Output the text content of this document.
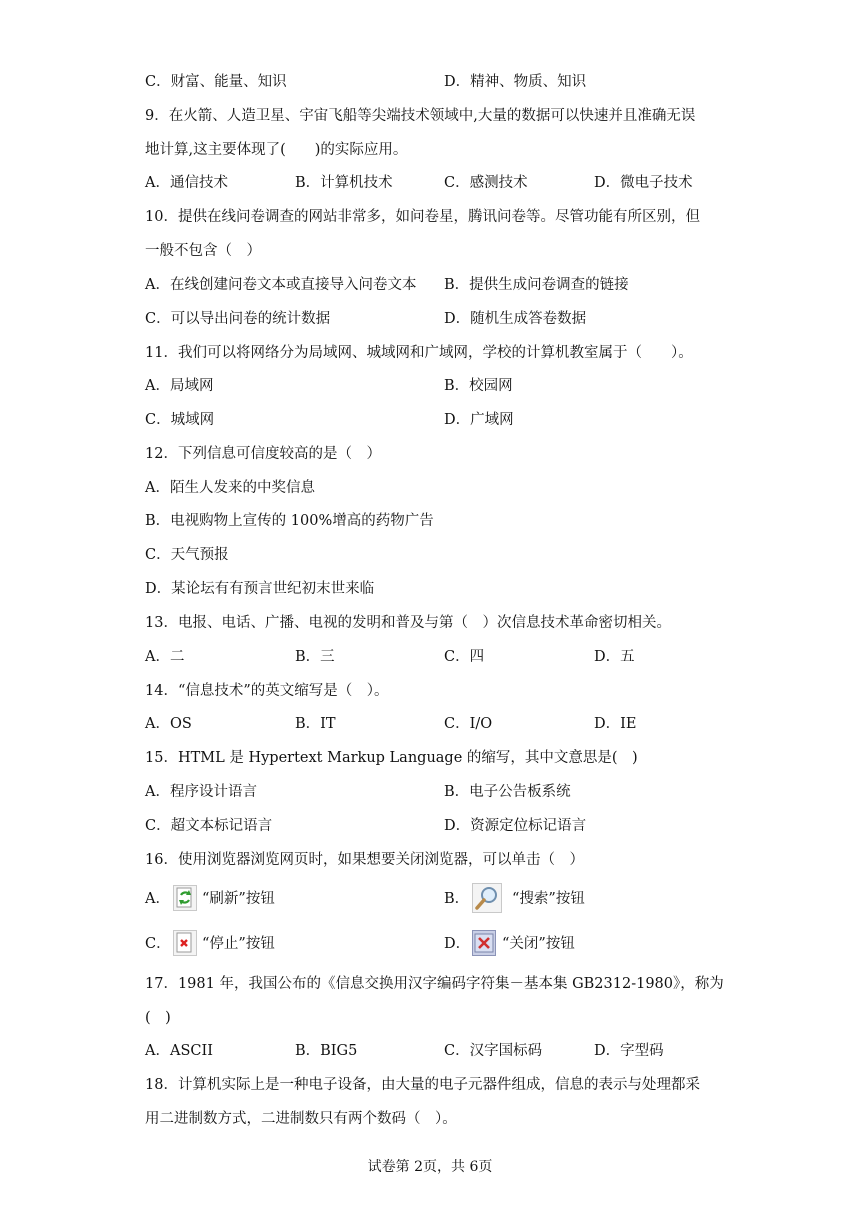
C．财富、能量、知识	D．精神、物质、知识
9．在火箭、人造卫星、宇宙飞船等尖端技术领域中,大量的数据可以快速并且准确无误
地计算,这主要体现了(　　)的实际应用。
A．通信技术	B．计算机技术	C．感测技术	D．微电子技术
10．提供在线问卷调查的网站非常多，如问卷星，腾讯问卷等。尽管功能有所区别，但
一般不包含（　）
A．在线创建问卷文本或直接导入问卷文本 B．提供生成问卷调查的链接
C．可以导出问卷的统计数据	D．随机生成答卷数据
11．我们可以将网络分为局域网、城域网和广域网，学校的计算机教室属于（　　）。
A．局域网	B．校园网
C．城域网	D．广域网
12．下列信息可信度较高的是（　）
A．陌生人发来的中奖信息
B．电视购物上宣传的 100%增高的药物广告
C．天气预报
D．某论坛有有预言世纪初末世来临
13．电报、电话、广播、电视的发明和普及与第（　）次信息技术革命密切相关。
A．二	B．三	C．四	D．五
14．“信息技术”的英文缩写是（　）。
A．OS	B．IT	C．I/O	D．IE
15．HTML 是 Hypertext Markup Language 的缩写，其中文意思是(　)
A．程序设计语言	B．电子公告板系统
C．超文本标记语言	D．资源定位标记语言
16．使用浏览器浏览网页时，如果想要关闭浏览器，可以单击（　）
A． “刷新”按钮	B．	“搜索”按钮
C． “停止”按钮	D． “关闭”按钮
17．1981 年，我国公布的《信息交换用汉字编码字符集－基本集 GB2312-1980》，称为
(　)
A．ASCII	B．BIG5	C．汉字国标码	D．字型码
18．计算机实际上是一种电子设备，由大量的电子元器件组成，信息的表示与处理都采
用二进制数方式，二进制数只有两个数码（　）。
试卷第 2页，共 6页
